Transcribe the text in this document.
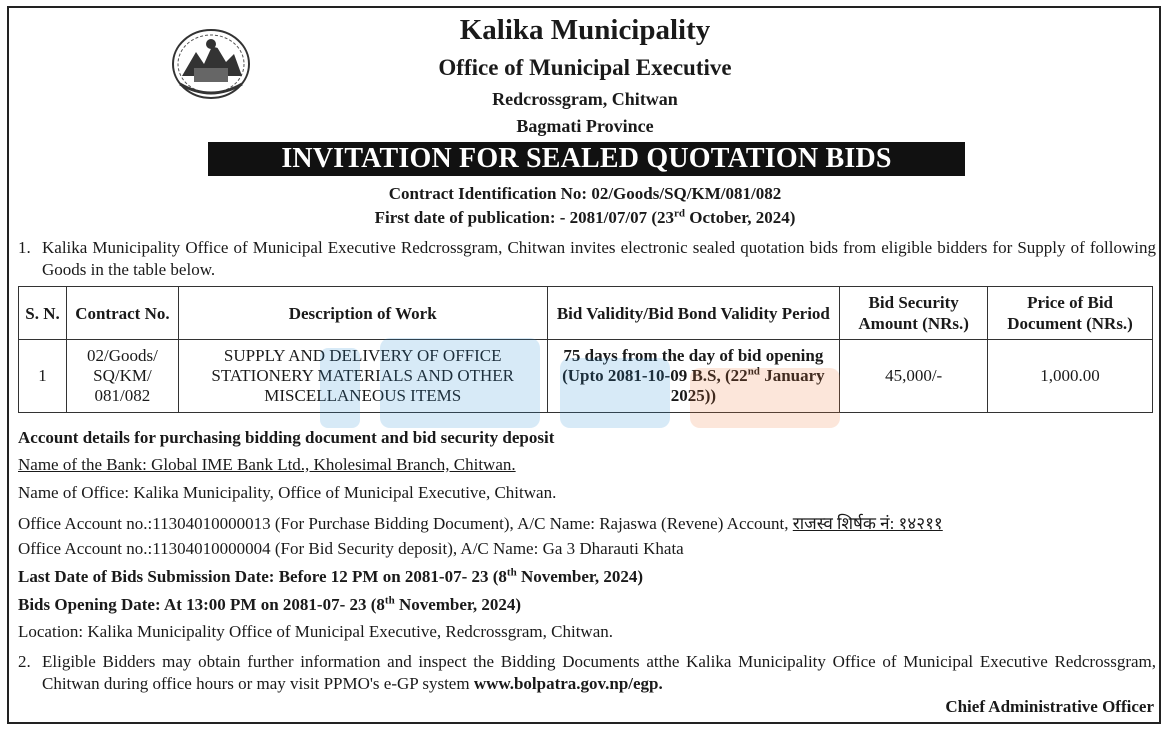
Kalika Municipality
Office of Municipal Executive
Redcrossgram, Chitwan
Bagmati Province
INVITATION FOR SEALED QUOTATION BIDS
Contract Identification No: 02/Goods/SQ/KM/081/082
First date of publication: - 2081/07/07 (23rd October, 2024)
1. Kalika Municipality Office of Municipal Executive Redcrossgram, Chitwan invites electronic sealed quotation bids from eligible bidders for Supply of following Goods in the table below.
S. N.	Contract No.	Description of Work	Bid Validity/Bid Bond Validity Period	Bid Security Amount (NRs.)	Price of Bid Document (NRs.)
1	02/Goods/ SQ/KM/ 081/082	SUPPLY AND DELIVERY OF OFFICE STATIONERY MATERIALS AND OTHER MISCELLANEOUS ITEMS	75 days from the day of bid opening (Upto 2081-10-09 B.S, (22nd January 2025))	45,000/-	1,000.00
Account details for purchasing bidding document and bid security deposit
Name of the Bank: Global IME Bank Ltd., Kholesimal Branch, Chitwan.
Name of Office: Kalika Municipality, Office of Municipal Executive, Chitwan.
Office Account no.:11304010000013 (For Purchase Bidding Document), A/C Name: Rajaswa (Revene) Account, राजस्व शिर्षक नं: १४२११
Office Account no.:11304010000004 (For Bid Security deposit), A/C Name: Ga 3 Dharauti Khata
Last Date of Bids Submission Date: Before 12 PM on 2081-07- 23 (8th November, 2024)
Bids Opening Date: At 13:00 PM on 2081-07- 23 (8th November, 2024)
Location: Kalika Municipality Office of Municipal Executive, Redcrossgram, Chitwan.
2. Eligible Bidders may obtain further information and inspect the Bidding Documents atthe Kalika Municipality Office of Municipal Executive Redcrossgram, Chitwan during office hours or may visit PPMO's e-GP system www.bolpatra.gov.np/egp.
Chief Administrative Officer
